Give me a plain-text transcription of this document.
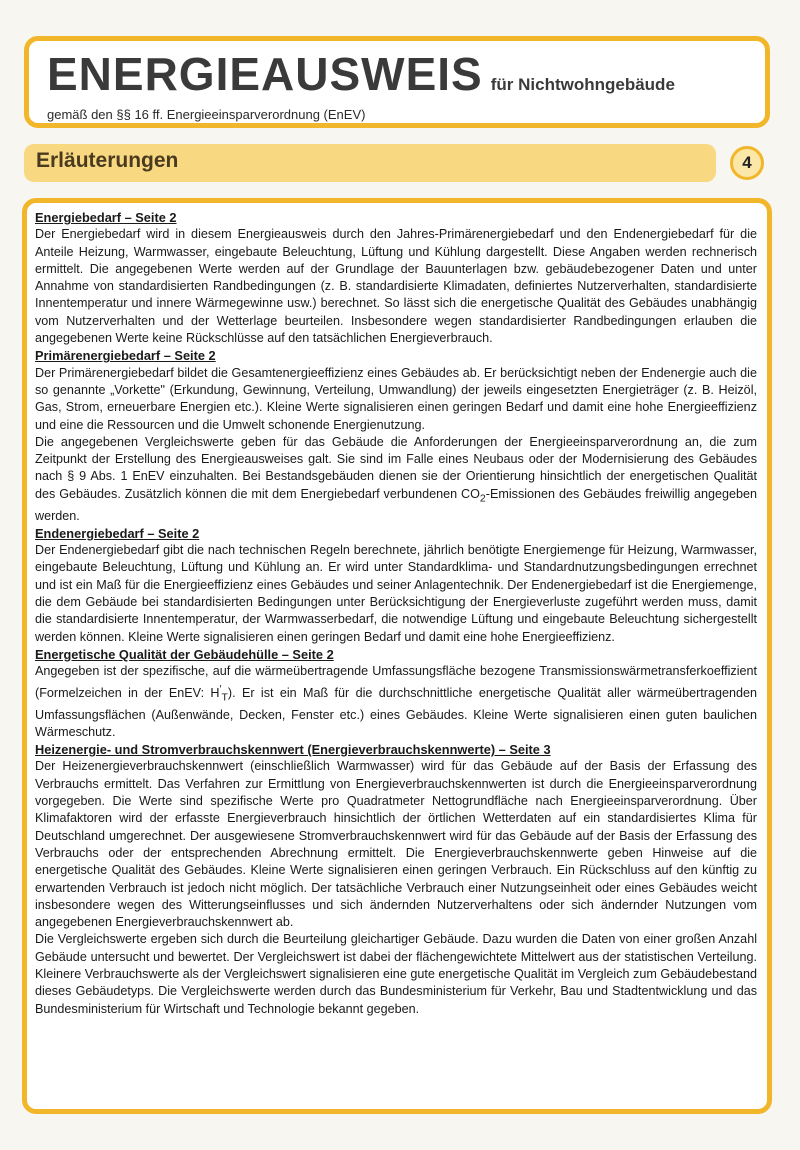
ENERGIEAUSWEIS für Nichtwohngebäude
gemäß den §§ 16 ff. Energieeinsparverordnung (EnEV)
Erläuterungen	4
Energiebedarf – Seite 2

Der Energiebedarf wird in diesem Energieausweis durch den Jahres-Primärenergiebedarf und den Endenergiebedarf für die Anteile Heizung, Warmwasser, eingebaute Beleuchtung, Lüftung und Kühlung dargestellt. Diese Angaben werden rechnerisch ermittelt. Die angegebenen Werte werden auf der Grundlage der Bauunterlagen bzw. gebäudebezogener Daten und unter Annahme von standardisierten Randbedingungen (z. B. standardisierte Klimadaten, definiertes Nutzerverhalten, standardisierte Innentemperatur und innere Wärmegewinne usw.) berechnet. So lässt sich die energetische Qualität des Gebäudes unabhängig vom Nutzerverhalten und der Wetterlage beurteilen. Insbesondere wegen standardisierter Randbedingungen erlauben die angegebenen Werte keine Rückschlüsse auf den tatsächlichen Energieverbrauch.

Primärenergiebedarf – Seite 2

Der Primärenergiebedarf bildet die Gesamtenergieeffizienz eines Gebäudes ab. Er berücksichtigt neben der Endenergie auch die so genannte „Vorkette" (Erkundung, Gewinnung, Verteilung, Umwandlung) der jeweils eingesetzten Energieträger (z. B. Heizöl, Gas, Strom, erneuerbare Energien etc.). Kleine Werte signalisieren einen geringen Bedarf und damit eine hohe Energieeffizienz und eine die Ressourcen und die Umwelt schonende Energienutzung.

Die angegebenen Vergleichswerte geben für das Gebäude die Anforderungen der Energieeinsparverordnung an, die zum Zeitpunkt der Erstellung des Energieausweises galt. Sie sind im Falle eines Neubaus oder der Modernisierung des Gebäudes nach § 9 Abs. 1 EnEV einzuhalten. Bei Bestandsgebäuden dienen sie der Orientierung hinsichtlich der energetischen Qualität des Gebäudes. Zusätzlich können die mit dem Energiebedarf verbundenen $CO_2$-Emissionen des Gebäudes freiwillig angegeben werden.

Endenergiebedarf – Seite 2

Der Endenergiebedarf gibt die nach technischen Regeln berechnete, jährlich benötigte Energiemenge für Heizung, Warmwasser, eingebaute Beleuchtung, Lüftung und Kühlung an. Er wird unter Standardklima- und Standardnutzungsbedingungen errechnet und ist ein Maß für die Energieeffizienz eines Gebäudes und seiner Anlagentechnik. Der Endenergiebedarf ist die Energiemenge, die dem Gebäude bei standardisierten Bedingungen unter Berücksichtigung der Energieverluste zugeführt werden muss, damit die standardisierte Innentemperatur, der Warmwasserbedarf, die notwendige Lüftung und eingebaute Beleuchtung sichergestellt werden können. Kleine Werte signalisieren einen geringen Bedarf und damit eine hohe Energieeffizienz.

Energetische Qualität der Gebäudehülle – Seite 2

Angegeben ist der spezifische, auf die wärmeübertragende Umfassungsfläche bezogene Transmissionswärmetransferkoeffizient (Formelzeichen in der EnEV: $H'_T$). Er ist ein Maß für die durchschnittliche energetische Qualität aller wärmeübertragenden Umfassungsflächen (Außenwände, Decken, Fenster etc.) eines Gebäudes. Kleine Werte signalisieren einen guten baulichen Wärmeschutz.

Heizenergie- und Stromverbrauchskennwert (Energieverbrauchskennwerte) – Seite 3

Der Heizenergieverbrauchskennwert (einschließlich Warmwasser) wird für das Gebäude auf der Basis der Erfassung des Verbrauchs ermittelt. Das Verfahren zur Ermittlung von Energieverbrauchskennwerten ist durch die Energieeinsparverordnung vorgegeben. Die Werte sind spezifische Werte pro Quadratmeter Nettogrundfläche nach Energieeinsparverordnung. Über Klimafaktoren wird der erfasste Energieverbrauch hinsichtlich der örtlichen Wetterdaten auf ein standardisiertes Klima für Deutschland umgerechnet. Der ausgewiesene Stromverbrauchskennwert wird für das Gebäude auf der Basis der Erfassung des Verbrauchs oder der entsprechenden Abrechnung ermittelt. Die Energieverbrauchskennwerte geben Hinweise auf die energetische Qualität des Gebäudes. Kleine Werte signalisieren einen geringen Verbrauch. Ein Rückschluss auf den künftig zu erwartenden Verbrauch ist jedoch nicht möglich. Der tatsächliche Verbrauch einer Nutzungseinheit oder eines Gebäudes weicht insbesondere wegen des Witterungseinflusses und sich ändernden Nutzerverhaltens oder sich ändernder Nutzungen vom angegebenen Energieverbrauchskennwert ab.

Die Vergleichswerte ergeben sich durch die Beurteilung gleichartiger Gebäude. Dazu wurden die Daten von einer großen Anzahl Gebäude untersucht und bewertet. Der Vergleichswert ist dabei der flächengewichtete Mittelwert aus der statistischen Verteilung. Kleinere Verbrauchswerte als der Vergleichswert signalisieren eine gute energetische Qualität im Vergleich zum Gebäudebestand dieses Gebäudetyps. Die Vergleichswerte werden durch das Bundesministerium für Verkehr, Bau und Stadtentwicklung und das Bundesministerium für Wirtschaft und Technologie bekannt gegeben.
